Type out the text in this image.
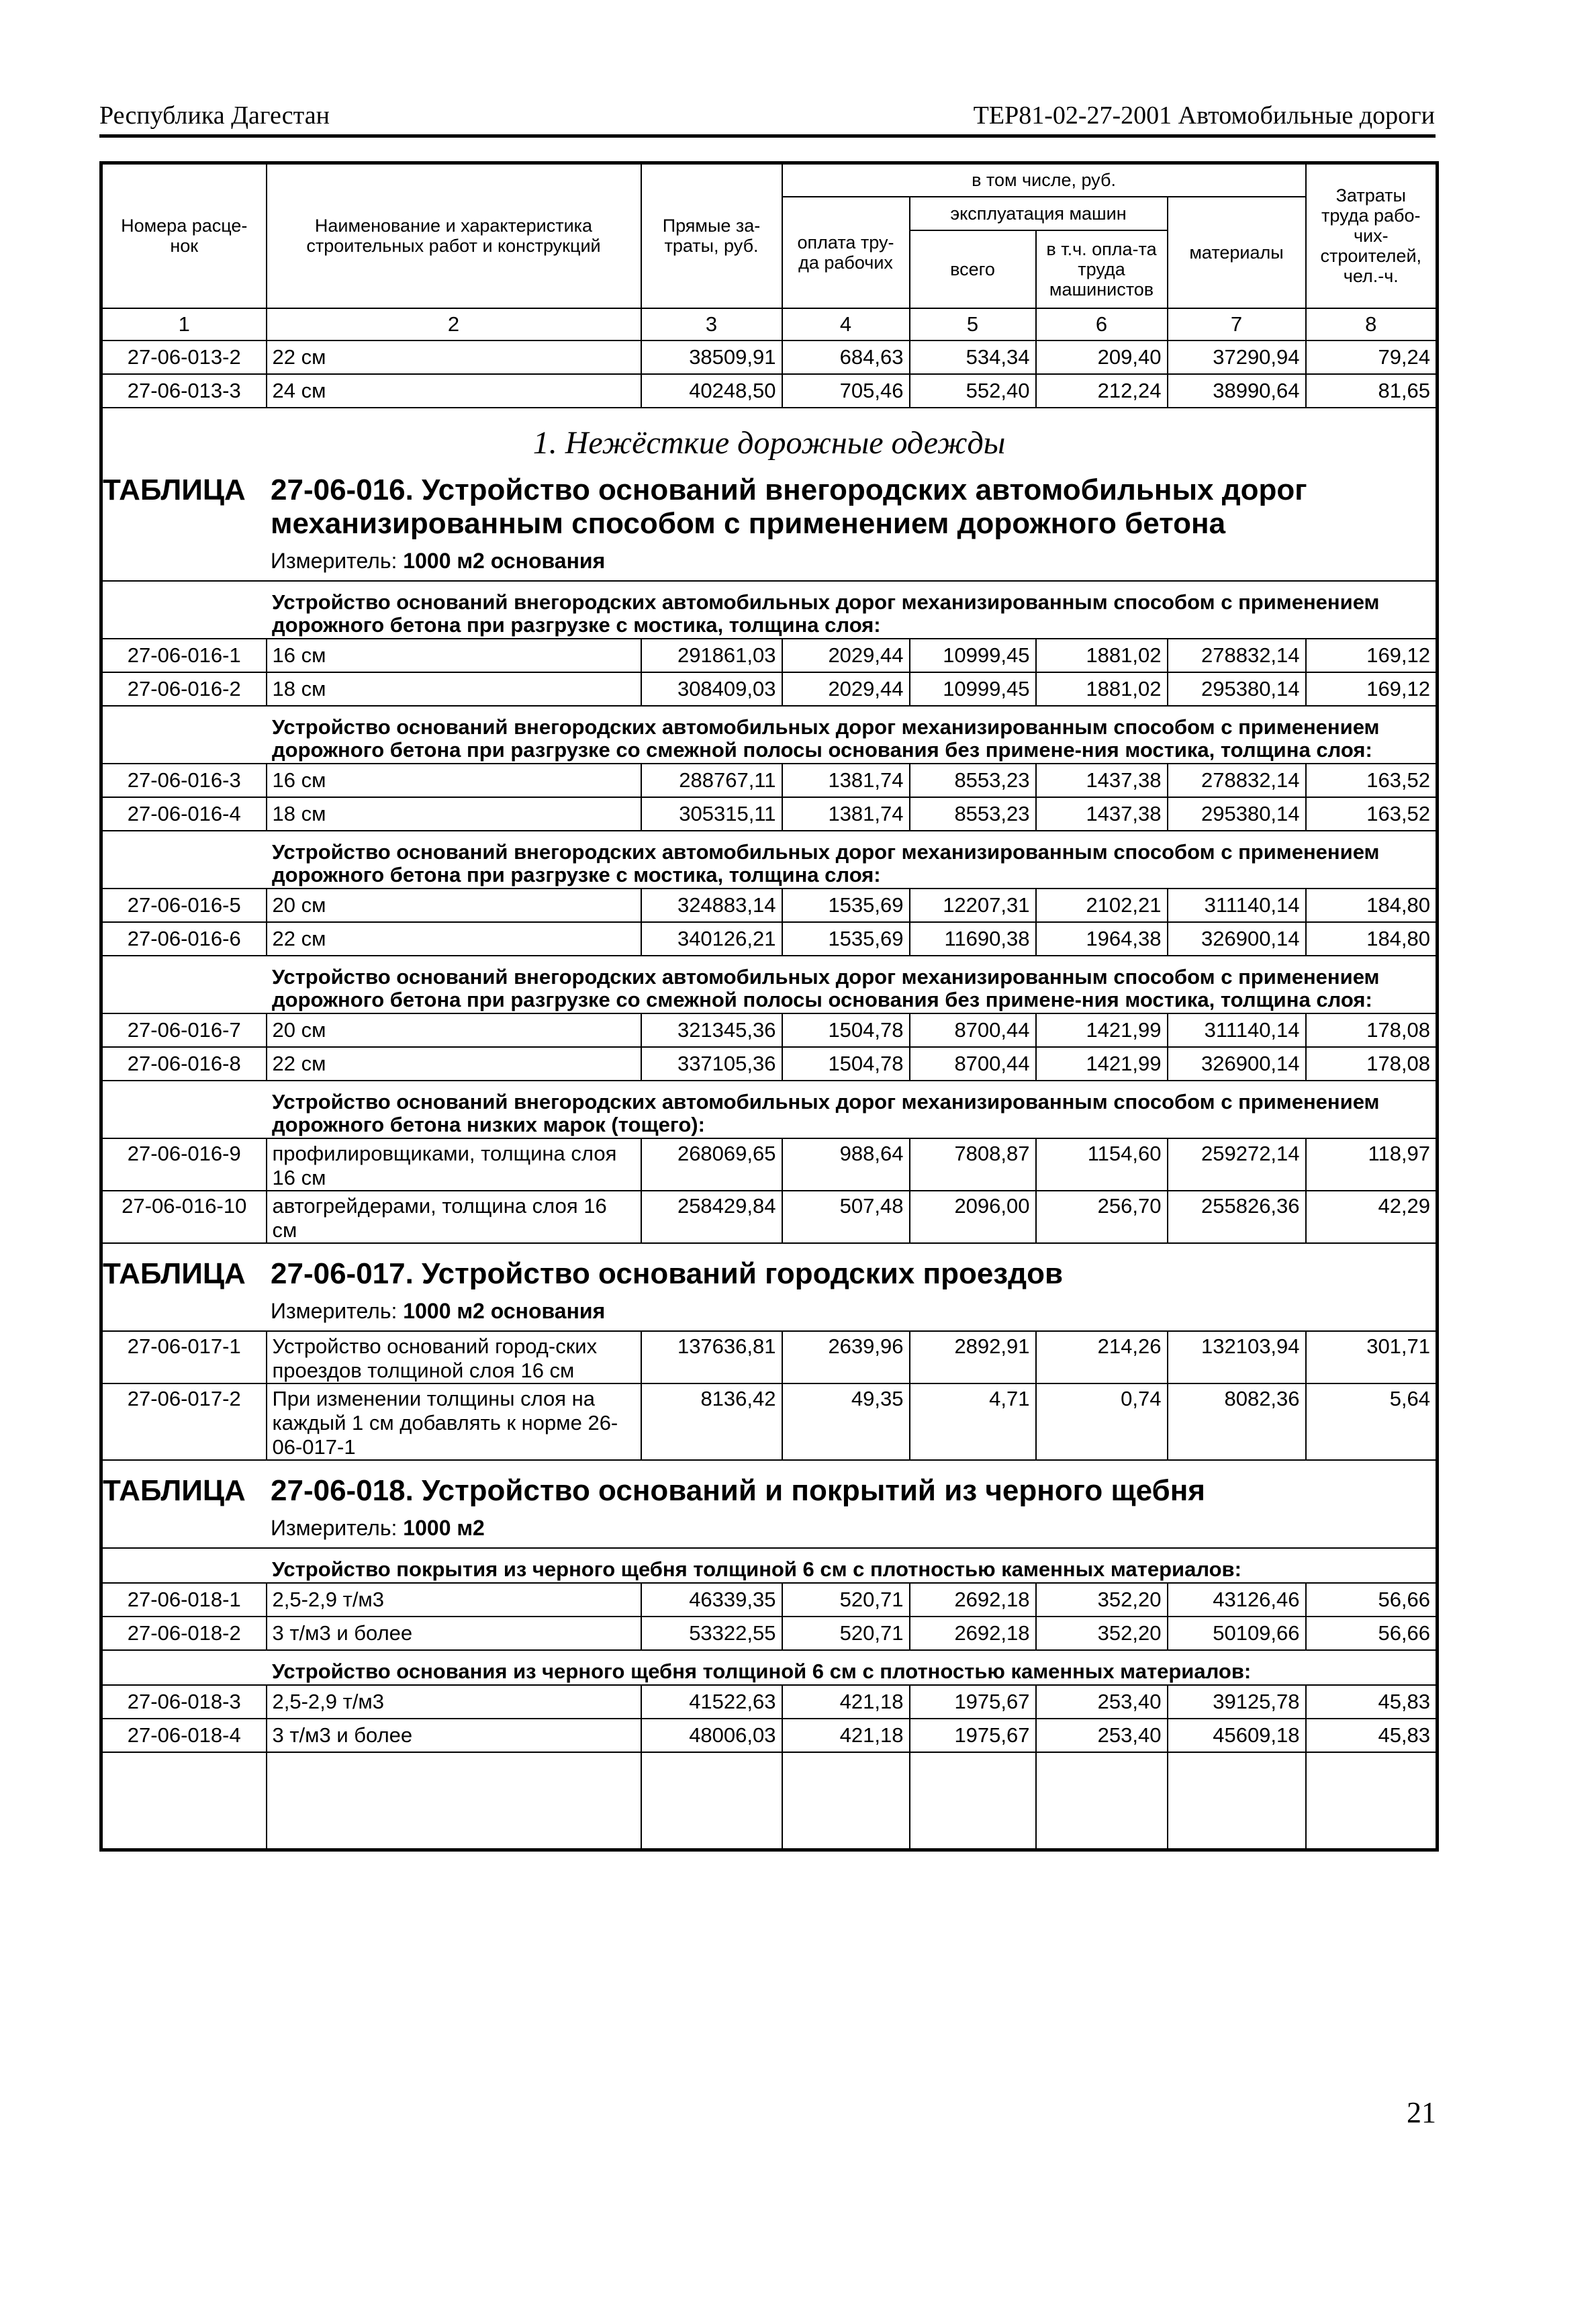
Республика Дагестан	ТЕР81-02-27-2001 Автомобильные дороги
Номера расце-нок	Наименование и характеристика строительных работ и конструкций	Прямые за-траты, руб.	в том числе, руб.				Затраты труда рабо-чих-строителей, чел.-ч.
			оплата тру-да рабочих	эксплуатация машин		материалы	
				всего	в т.ч. опла-та труда машинистов		
1	2	3	4	5	6	7	8
27-06-013-2	22 см	38509,91	684,63	534,34	209,40	37290,94	79,24
27-06-013-3	24 см	40248,50	705,46	552,40	212,24	38990,64	81,65

1. Нежёсткие дорожные одежды
ТАБЛИЦА 27-06-016. Устройство оснований внегородских автомобильных дорог механизированным способом с применением дорожного бетона
Измеритель: 1000 м2 основания							

Устройство оснований внегородских автомобильных дорог механизированным способом с применением дорожного бетона при разгрузке с мостика, толщина слоя:							
27-06-016-1	16 см	291861,03	2029,44	10999,45	1881,02	278832,14	169,12
27-06-016-2	18 см	308409,03	2029,44	10999,45	1881,02	295380,14	169,12
Устройство оснований внегородских автомобильных дорог механизированным способом с применением дорожного бетона при разгрузке со смежной полосы основания без примене-ния мостика, толщина слоя:							
27-06-016-3	16 см	288767,11	1381,74	8553,23	1437,38	278832,14	163,52
27-06-016-4	18 см	305315,11	1381,74	8553,23	1437,38	295380,14	163,52
Устройство оснований внегородских автомобильных дорог механизированным способом с применением дорожного бетона при разгрузке с мостика, толщина слоя:							
27-06-016-5	20 см	324883,14	1535,69	12207,31	2102,21	311140,14	184,80
27-06-016-6	22 см	340126,21	1535,69	11690,38	1964,38	326900,14	184,80
Устройство оснований внегородских автомобильных дорог механизированным способом с применением дорожного бетона при разгрузке со смежной полосы основания без примене-ния мостика, толщина слоя:							
27-06-016-7	20 см	321345,36	1504,78	8700,44	1421,99	311140,14	178,08
27-06-016-8	22 см	337105,36	1504,78	8700,44	1421,99	326900,14	178,08
Устройство оснований внегородских автомобильных дорог механизированным способом с применением дорожного бетона низких марок (тощего):							
27-06-016-9	профилировщиками, толщина слоя 16 см	268069,65	988,64	7808,87	1154,60	259272,14	118,97
27-06-016-10	автогрейдерами, толщина слоя 16 см	258429,84	507,48	2096,00	256,70	255826,36	42,29

ТАБЛИЦА 27-06-017. Устройство оснований городских проездов
Измеритель: 1000 м2 основания							

27-06-017-1	Устройство оснований город-ских проездов толщиной слоя 16 см	137636,81	2639,96	2892,91	214,26	132103,94	301,71
27-06-017-2	При изменении толщины слоя на каждый 1 см добавлять к норме 26-06-017-1	8136,42	49,35	4,71	0,74	8082,36	5,64

ТАБЛИЦА 27-06-018. Устройство оснований и покрытий из черного щебня
Измеритель: 1000 м2							

Устройство покрытия из черного щебня толщиной 6 см с плотностью каменных материалов:							
27-06-018-1	2,5-2,9 т/м3	46339,35	520,71	2692,18	352,20	43126,46	56,66
27-06-018-2	3 т/м3 и более	53322,55	520,71	2692,18	352,20	50109,66	56,66
Устройство основания из черного щебня толщиной 6 см с плотностью каменных материалов:							
27-06-018-3	2,5-2,9 т/м3	41522,63	421,18	1975,67	253,40	39125,78	45,83
27-06-018-4	3 т/м3 и более	48006,03	421,18	1975,67	253,40	45609,18	45,83

21
